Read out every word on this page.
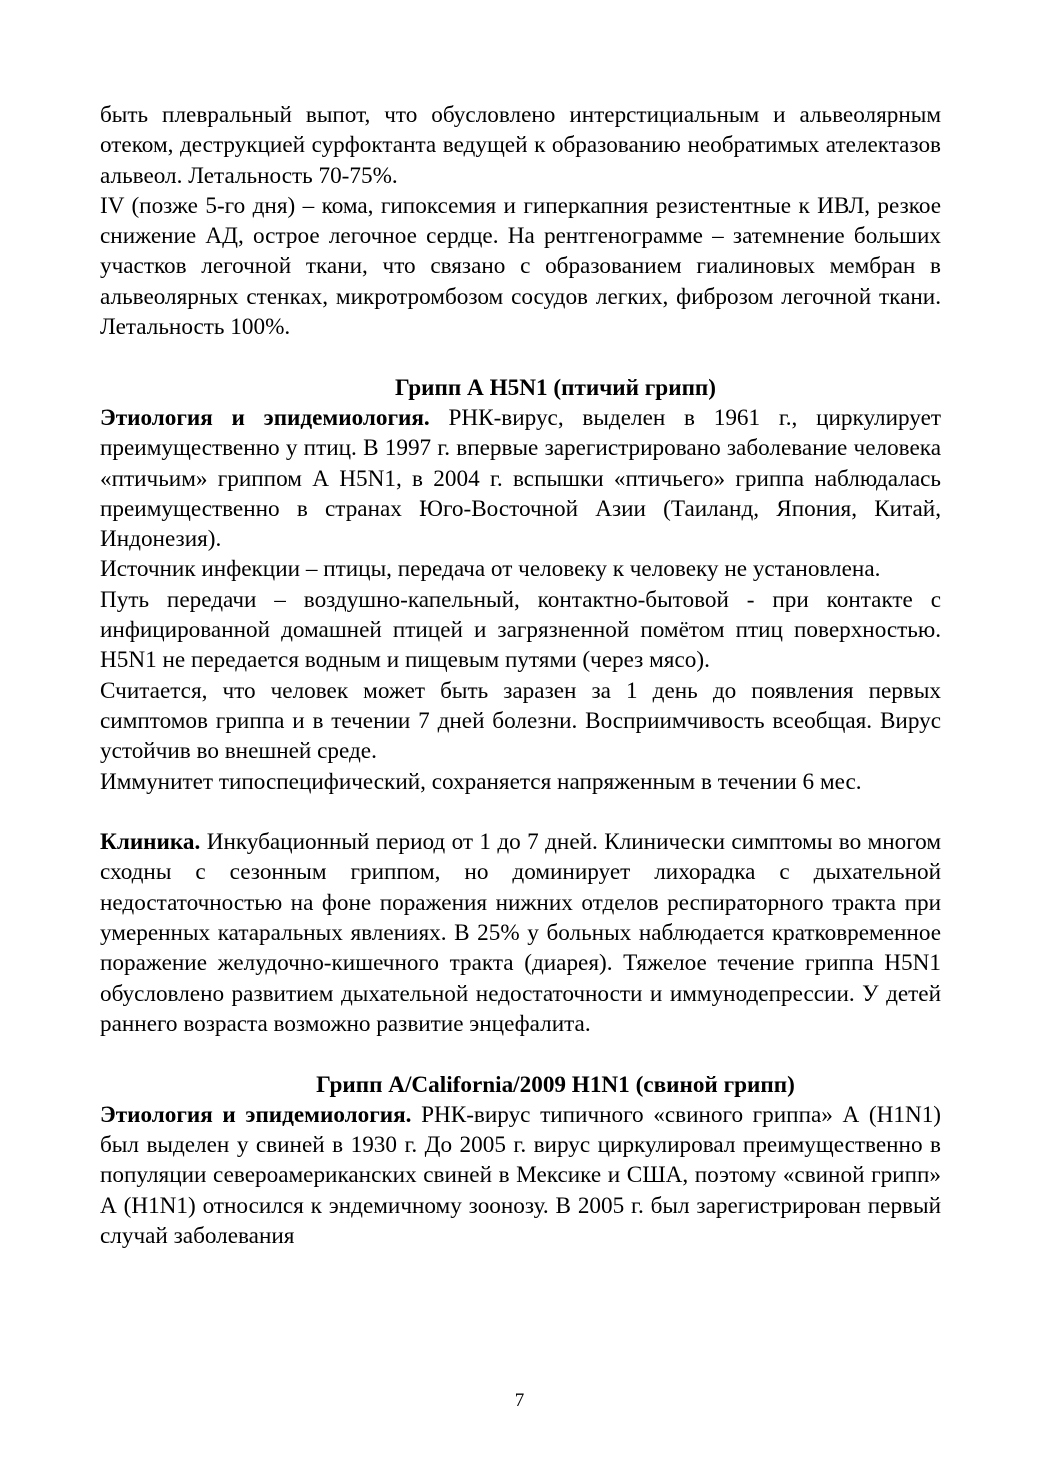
быть плевральный выпот, что обусловлено интерстициальным и альвеолярным отеком, деструкцией сурфоктанта ведущей к образованию необратимых ателектазов альвеол. Летальность 70-75%.

IV (позже 5-го дня) – кома, гипоксемия и гиперкапния резистентные к ИВЛ, резкое снижение АД, острое легочное сердце. На рентгенограмме – затемнение больших участков легочной ткани, что связано с образованием гиалиновых мембран в альвеолярных стенках, микротромбозом сосудов легких, фиброзом легочной ткани. Летальность 100%.

Грипп А H5N1 (птичий грипп)

Этиология и эпидемиология. РНК-вирус, выделен в 1961 г., циркулирует преимущественно у птиц. В 1997 г. впервые зарегистрировано заболевание человека «птичьим» гриппом А H5N1, в 2004 г. вспышки «птичьего» гриппа наблюдалась преимущественно в странах Юго-Восточной Азии (Таиланд, Япония, Китай, Индонезия).

Источник инфекции – птицы, передача от человеку к человеку не установлена.

Путь передачи – воздушно-капельный, контактно-бытовой - при контакте с инфицированной домашней птицей и загрязненной помётом птиц поверхностью. H5N1 не передается водным и пищевым путями (через мясо).

Считается, что человек может быть заразен за 1 день до появления первых симптомов гриппа и в течении 7 дней болезни. Восприимчивость всеобщая. Вирус устойчив во внешней среде.

Иммунитет типоспецифический, сохраняется напряженным в течении 6 мес.

Клиника. Инкубационный период от 1 до 7 дней. Клинически симптомы во многом сходны с сезонным гриппом, но доминирует лихорадка с дыхательной недостаточностью на фоне поражения нижних отделов респираторного тракта при умеренных катаральных явлениях. В 25% у больных наблюдается кратковременное поражение желудочно-кишечного тракта (диарея). Тяжелое течение гриппа H5N1 обусловлено развитием дыхательной недостаточности и иммунодепрессии. У детей раннего возраста возможно развитие энцефалита.

Грипп A/California/2009 H1N1 (свиной грипп)

Этиология и эпидемиология. РНК-вирус типичного «свиного гриппа» А (H1N1) был выделен у свиней в 1930 г. До 2005 г. вирус циркулировал преимущественно в популяции североамериканских свиней в Мексике и США, поэтому «свиной грипп» А (H1N1) относился к эндемичному зоонозу. В 2005 г. был зарегистрирован первый случай заболевания

7
